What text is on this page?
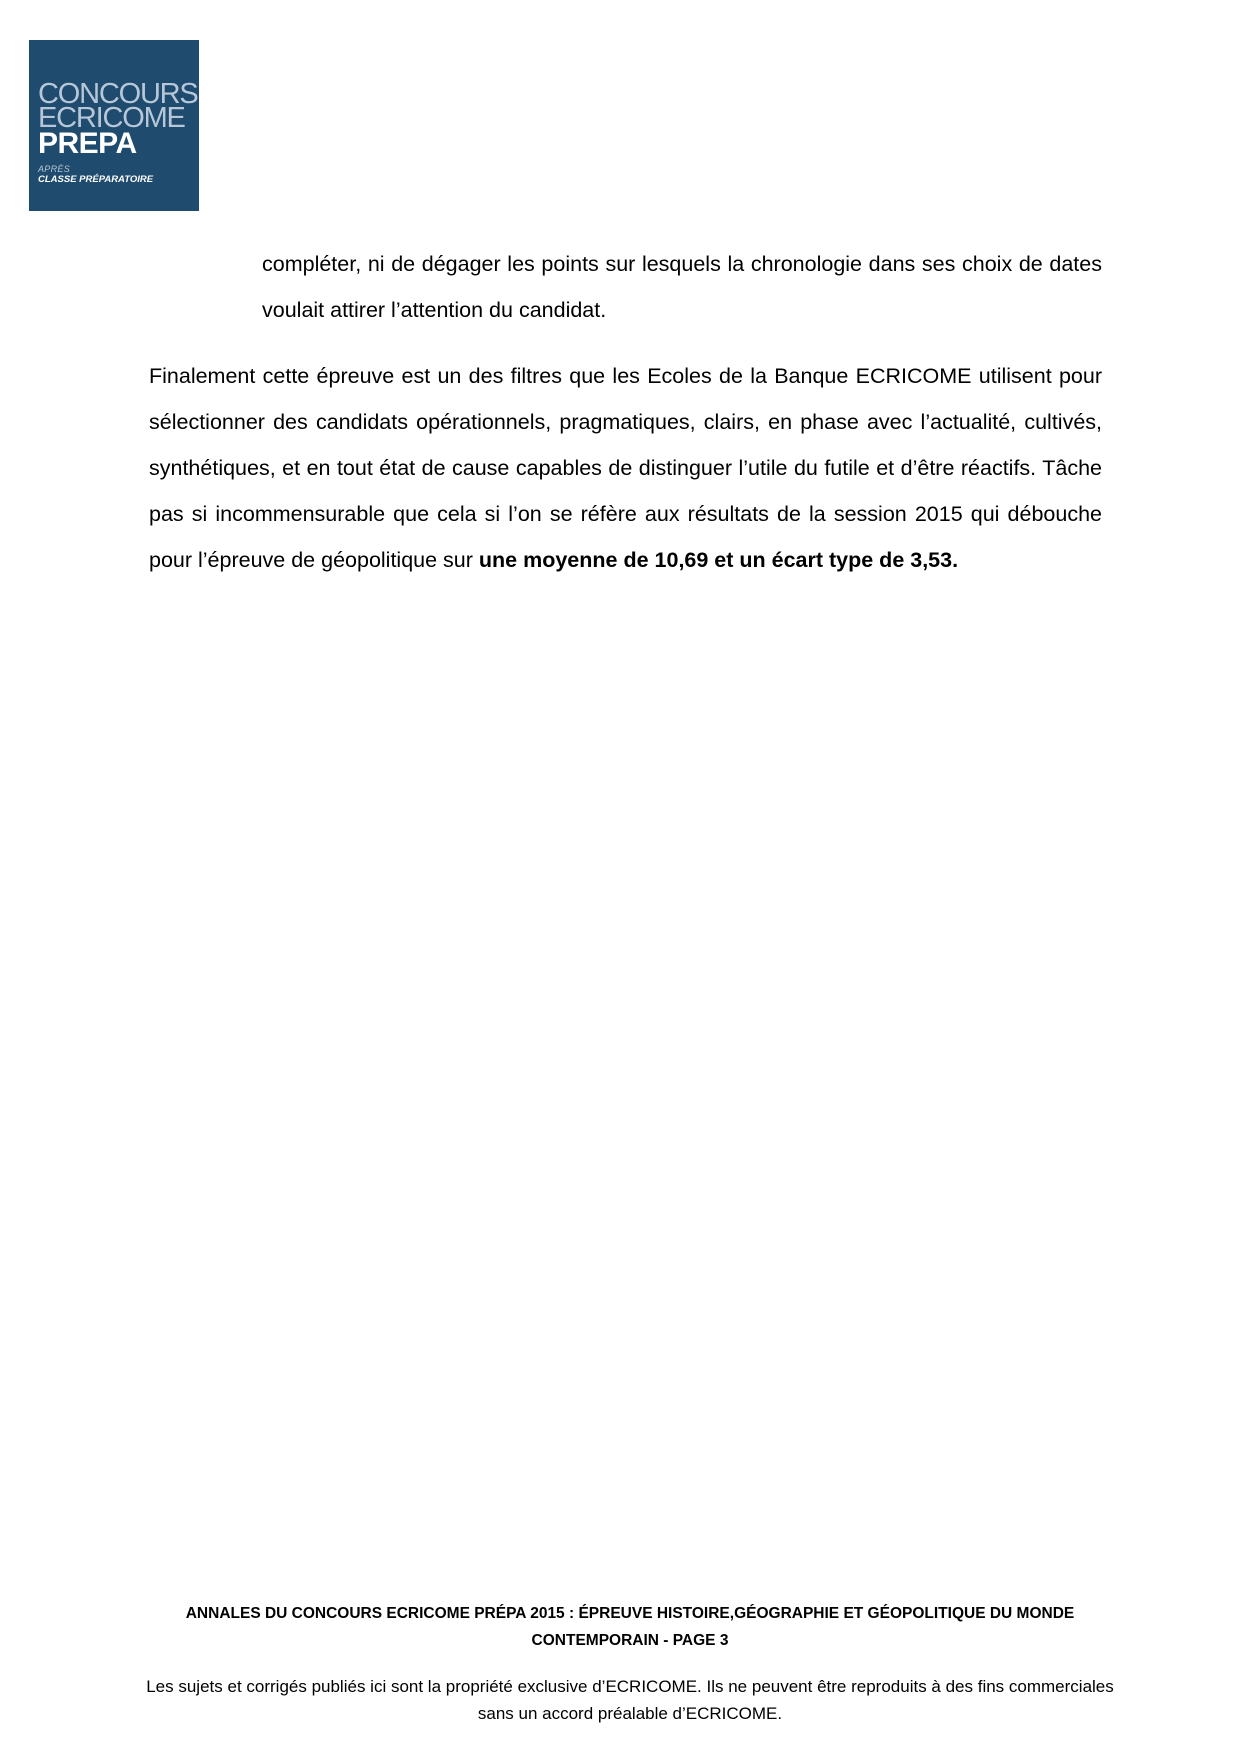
CONCOURS
ECRICOME
PREPA
APRÈS
CLASSE PRÉPARATOIRE
compléter, ni de dégager les points sur lesquels la chronologie dans ses choix de dates voulait attirer l’attention du candidat.
Finalement cette épreuve est un des filtres que les Ecoles de la Banque ECRICOME utilisent pour sélectionner des candidats opérationnels, pragmatiques, clairs, en phase avec l’actualité, cultivés, synthétiques, et en tout état de cause capables de distinguer l’utile du futile et d’être réactifs. Tâche pas si incommensurable que cela si l’on se réfère aux résultats de la session 2015 qui débouche pour l’épreuve de géopolitique sur une moyenne de 10,69 et un écart type de 3,53.
ANNALES DU CONCOURS ECRICOME PRÉPA 2015 : ÉPREUVE HISTOIRE,GÉOGRAPHIE ET GÉOPOLITIQUE DU MONDE CONTEMPORAIN - PAGE 3
Les sujets et corrigés publiés ici sont la propriété exclusive d’ECRICOME. Ils ne peuvent être reproduits à des fins commerciales sans un accord préalable d’ECRICOME.
